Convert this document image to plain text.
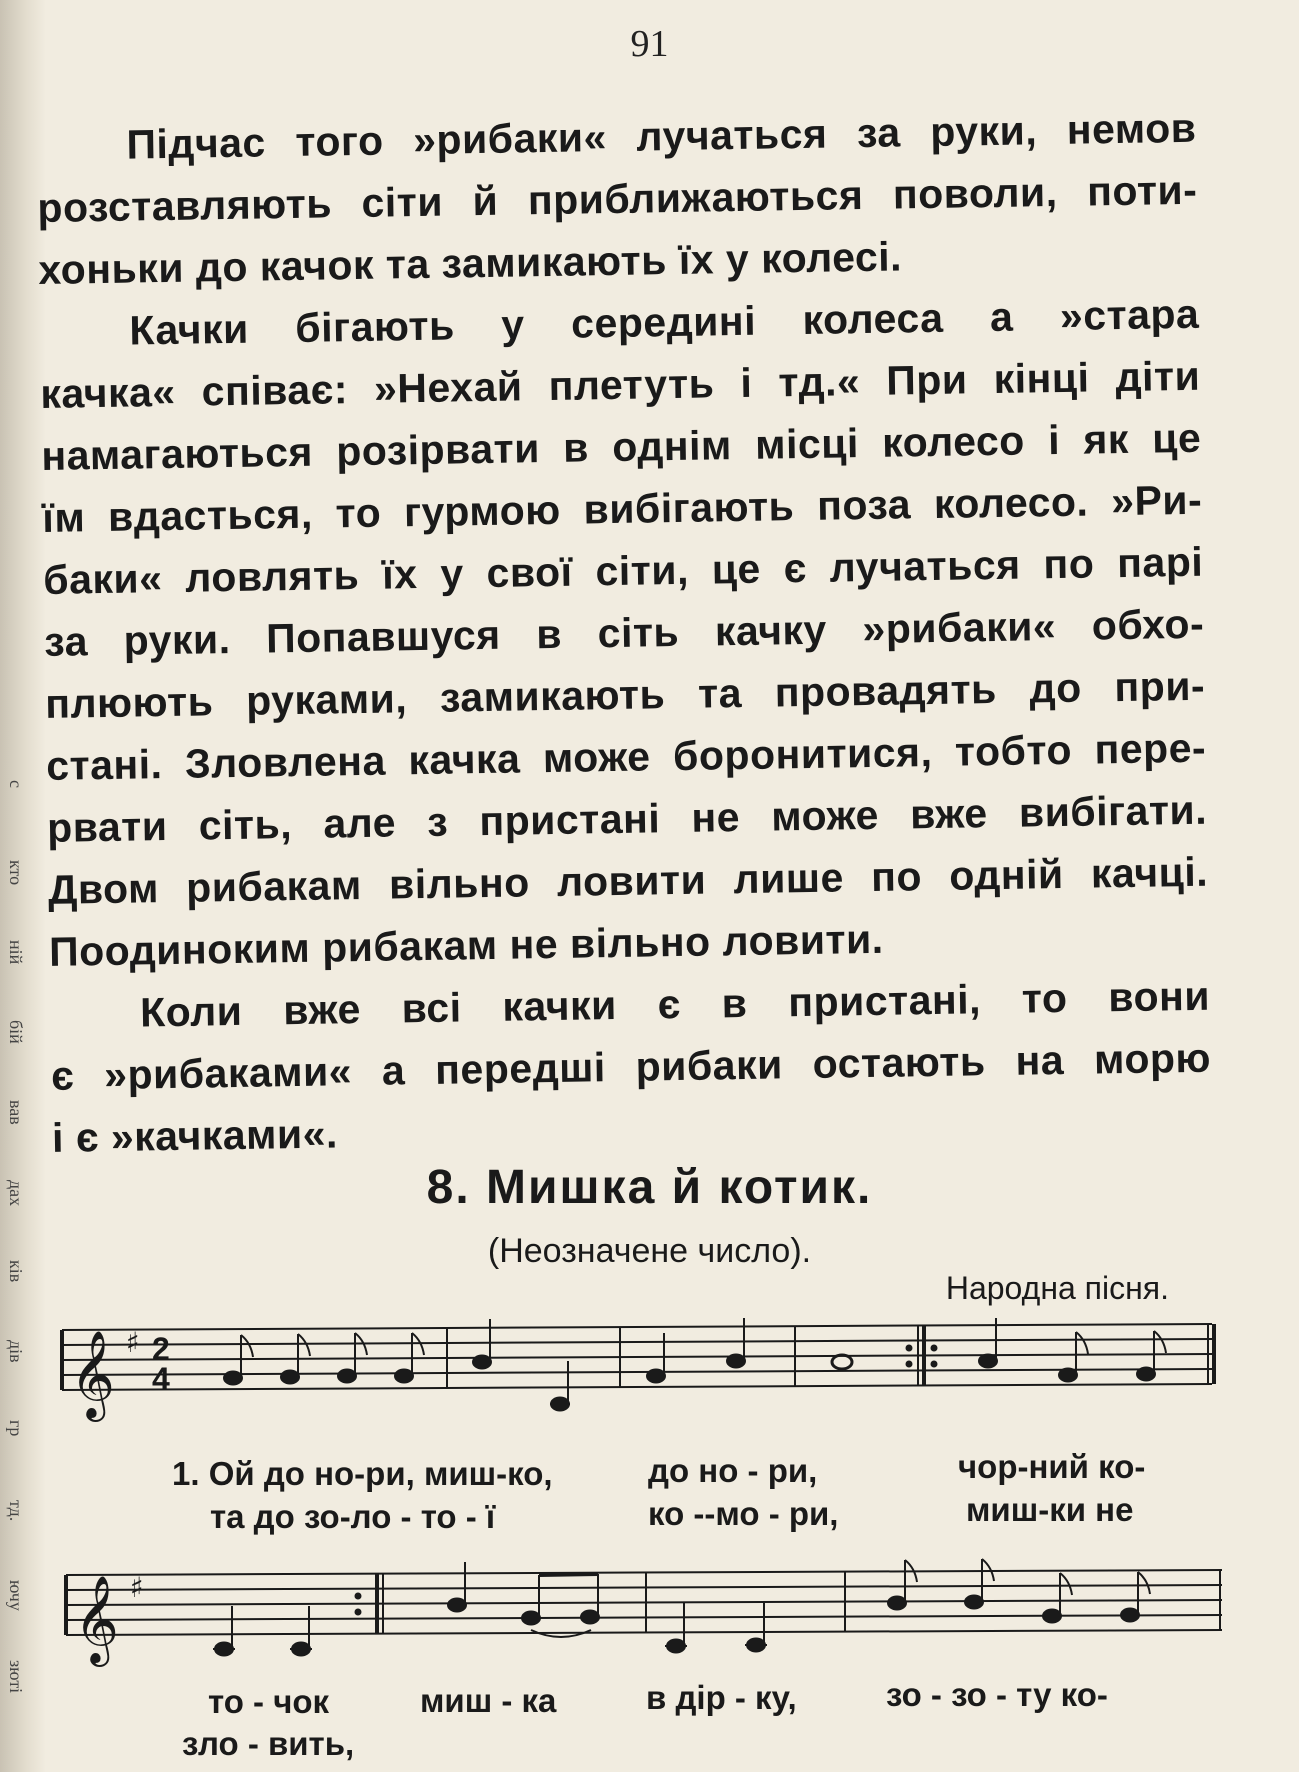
с
кто
ній
бій
вав
дах
ків
дів
гр
тд.
ючу
зюті
91
Підчас того »рибаки« лучаться за руки, немов
розставляють сіти й приближаються поволи, поти-
хоньки до качок та замикають їх у колесі.
Качки бігають у середині колеса а »стара
качка« співає: »Нехай плетуть і тд.« При кінці діти
намагаються розірвати в однім місці колесо і як це
їм вдасться, то гурмою вибігають поза колесо. »Ри-
баки« ловлять їх у свої сіти, це є лучаться по парі
за руки. Попавшуся в сіть качку »рибаки« обхо-
плюють руками, замикають та провадять до при-
стані. Зловлена качка може боронитися, тобто пере-
рвати сіть, але з пристані не може вже вибігати.
Двом рибакам вільно ловити лише по одній качці.
Поодиноким рибакам не вільно ловити.
Коли вже всі качки є в пристані, то вони
є »рибаками« а передші рибаки остають на морю
і є »качками«.
8. Мишка й котик.
(Неозначене число).
Народна пісня.
𝄞 ♯ 2
4
𝄞 ♯
1. Ой до но-ри, миш-ко,	до но - ри,	чор-ний ко-
та до зо-ло - то - ї	ко -‑мо - ри,	миш-ки не
то - чок	миш - ка	в дір - ку,	зо - зо - ту ко-
зло - вить,
